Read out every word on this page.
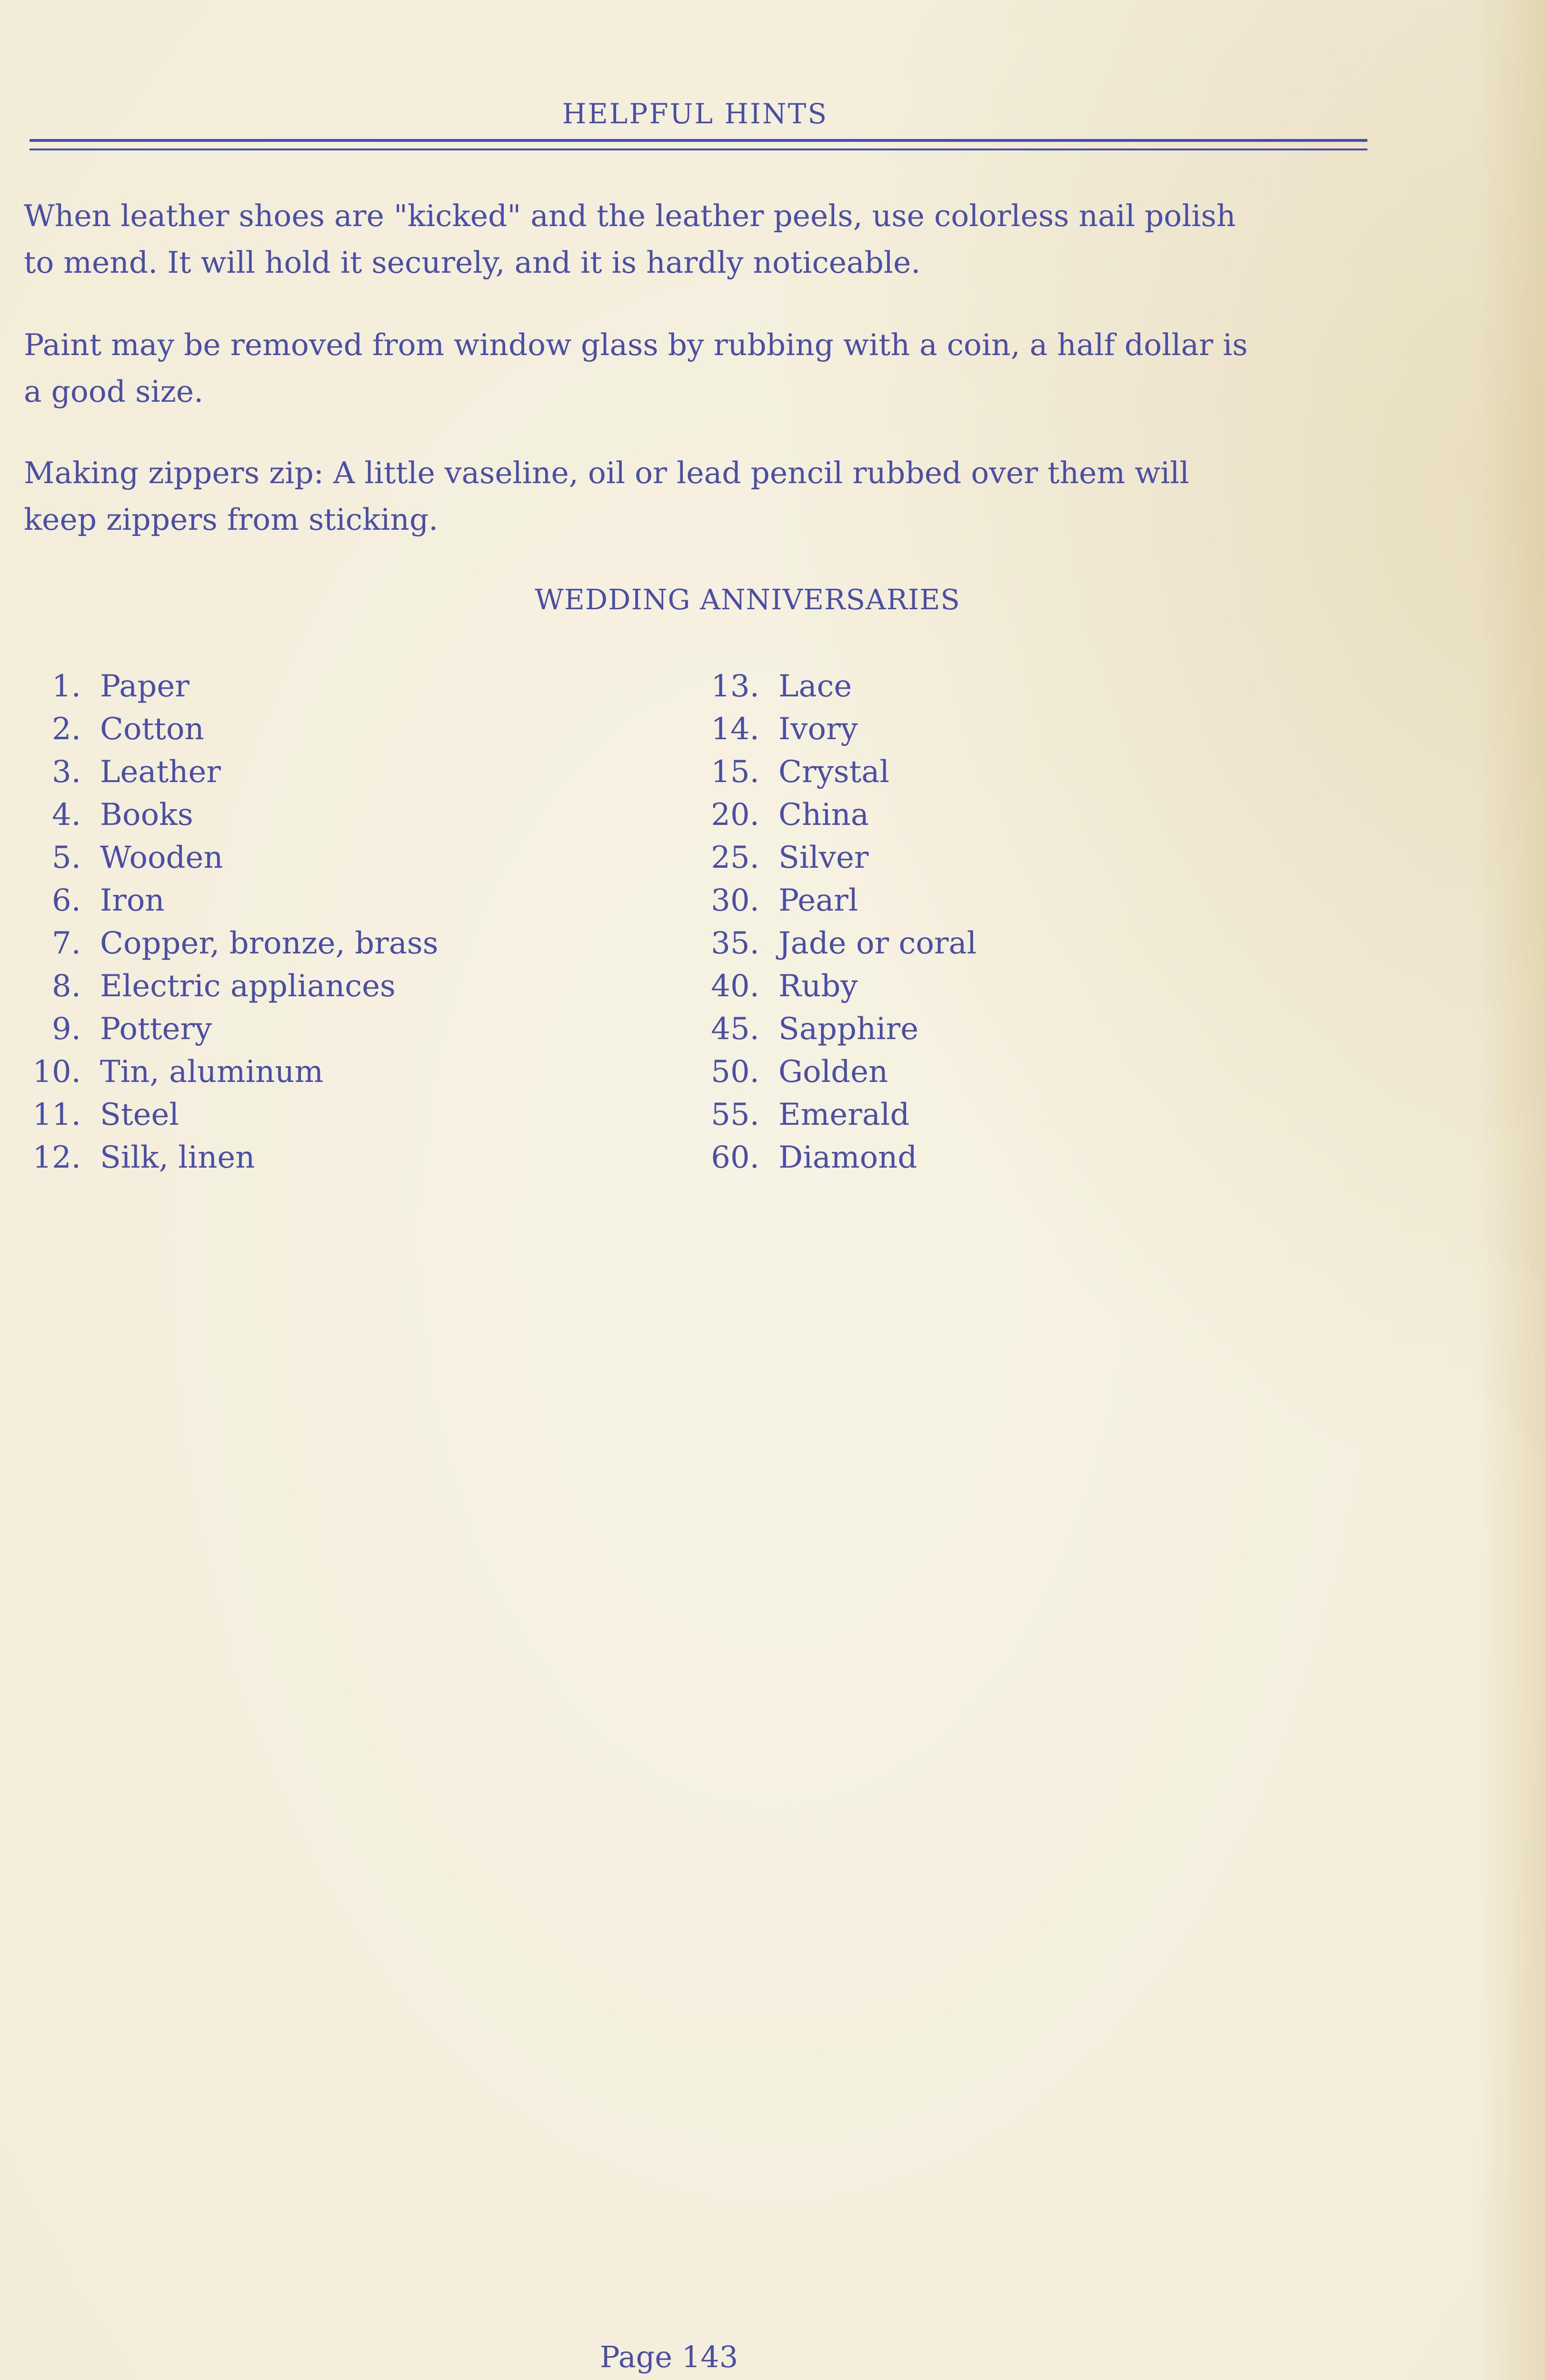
HELPFUL HINTS

When leather shoes are "kicked" and the leather peels, use colorless nail polish
to mend. It will hold it securely, and it is hardly noticeable.

Paint may be removed from window glass by rubbing with a coin, a half dollar is
a good size.

Making zippers zip: A little vaseline, oil or lead pencil rubbed over them will
keep zippers from sticking.

WEDDING ANNIVERSARIES
1. Paper
2. Cotton
3. Leather
4. Books
5. Wooden
6. Iron
7. Copper, bronze, brass
8. Electric appliances
9. Pottery
10. Tin, aluminum
11. Steel
12. Silk, linen
13. Lace
14. Ivory
15. Crystal
20. China
25. Silver
30. Pearl
35. Jade or coral
40. Ruby
45. Sapphire
50. Golden
55. Emerald
60. Diamond
Page 143
